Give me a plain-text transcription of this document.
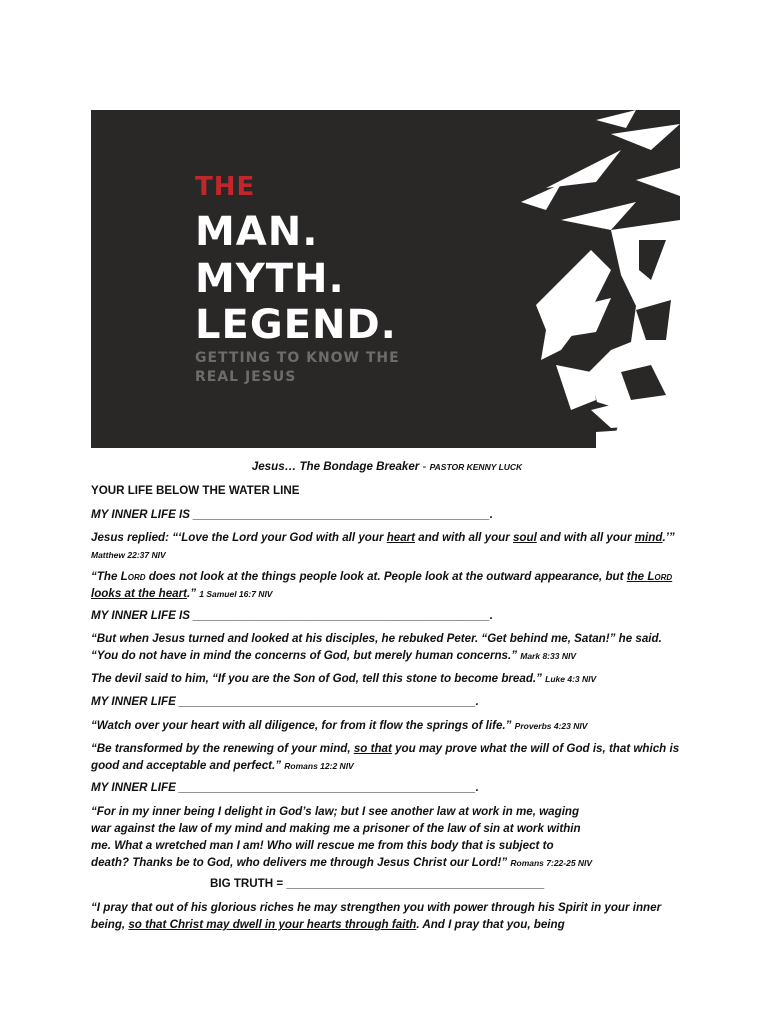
THE
MAN.
MYTH.
LEGEND.
GETTING TO KNOW THE
REAL JESUS
Jesus… The Bondage Breaker - PASTOR KENNY LUCK
YOUR LIFE BELOW THE WATER LINE
MY INNER LIFE IS ______________________________________________.
Jesus replied: “‘Love the Lord your God with all your heart and with all your soul and with all your mind.’” Matthew 22:37 NIV
“The Lord does not look at the things people look at. People look at the outward appearance, but the Lord looks at the heart.” 1 Samuel 16:7 NIV
MY INNER LIFE IS ______________________________________________.
“But when Jesus turned and looked at his disciples, he rebuked Peter. “Get behind me, Satan!” he said. “You do not have in mind the concerns of God, but merely human concerns.” Mark 8:33 NIV
The devil said to him, “If you are the Son of God, tell this stone to become bread.” Luke 4:3 NIV
MY INNER LIFE ______________________________________________.
“Watch over your heart with all diligence, for from it flow the springs of life.” Proverbs 4:23 NIV
“Be transformed by the renewing of your mind, so that you may prove what the will of God is, that which is good and acceptable and perfect.” Romans 12:2 NIV
MY INNER LIFE ______________________________________________.
“For in my inner being I delight in God’s law; but I see another law at work in me, waging
war against the law of my mind and making me a prisoner of the law of sin at work within
me. What a wretched man I am! Who will rescue me from this body that is subject to
death? Thanks be to God, who delivers me through Jesus Christ our Lord!” Romans 7:22-25 NIV
BIG TRUTH = ________________________________________
“I pray that out of his glorious riches he may strengthen you with power through his Spirit in your inner being, so that Christ may dwell in your hearts through faith. And I pray that you, being
